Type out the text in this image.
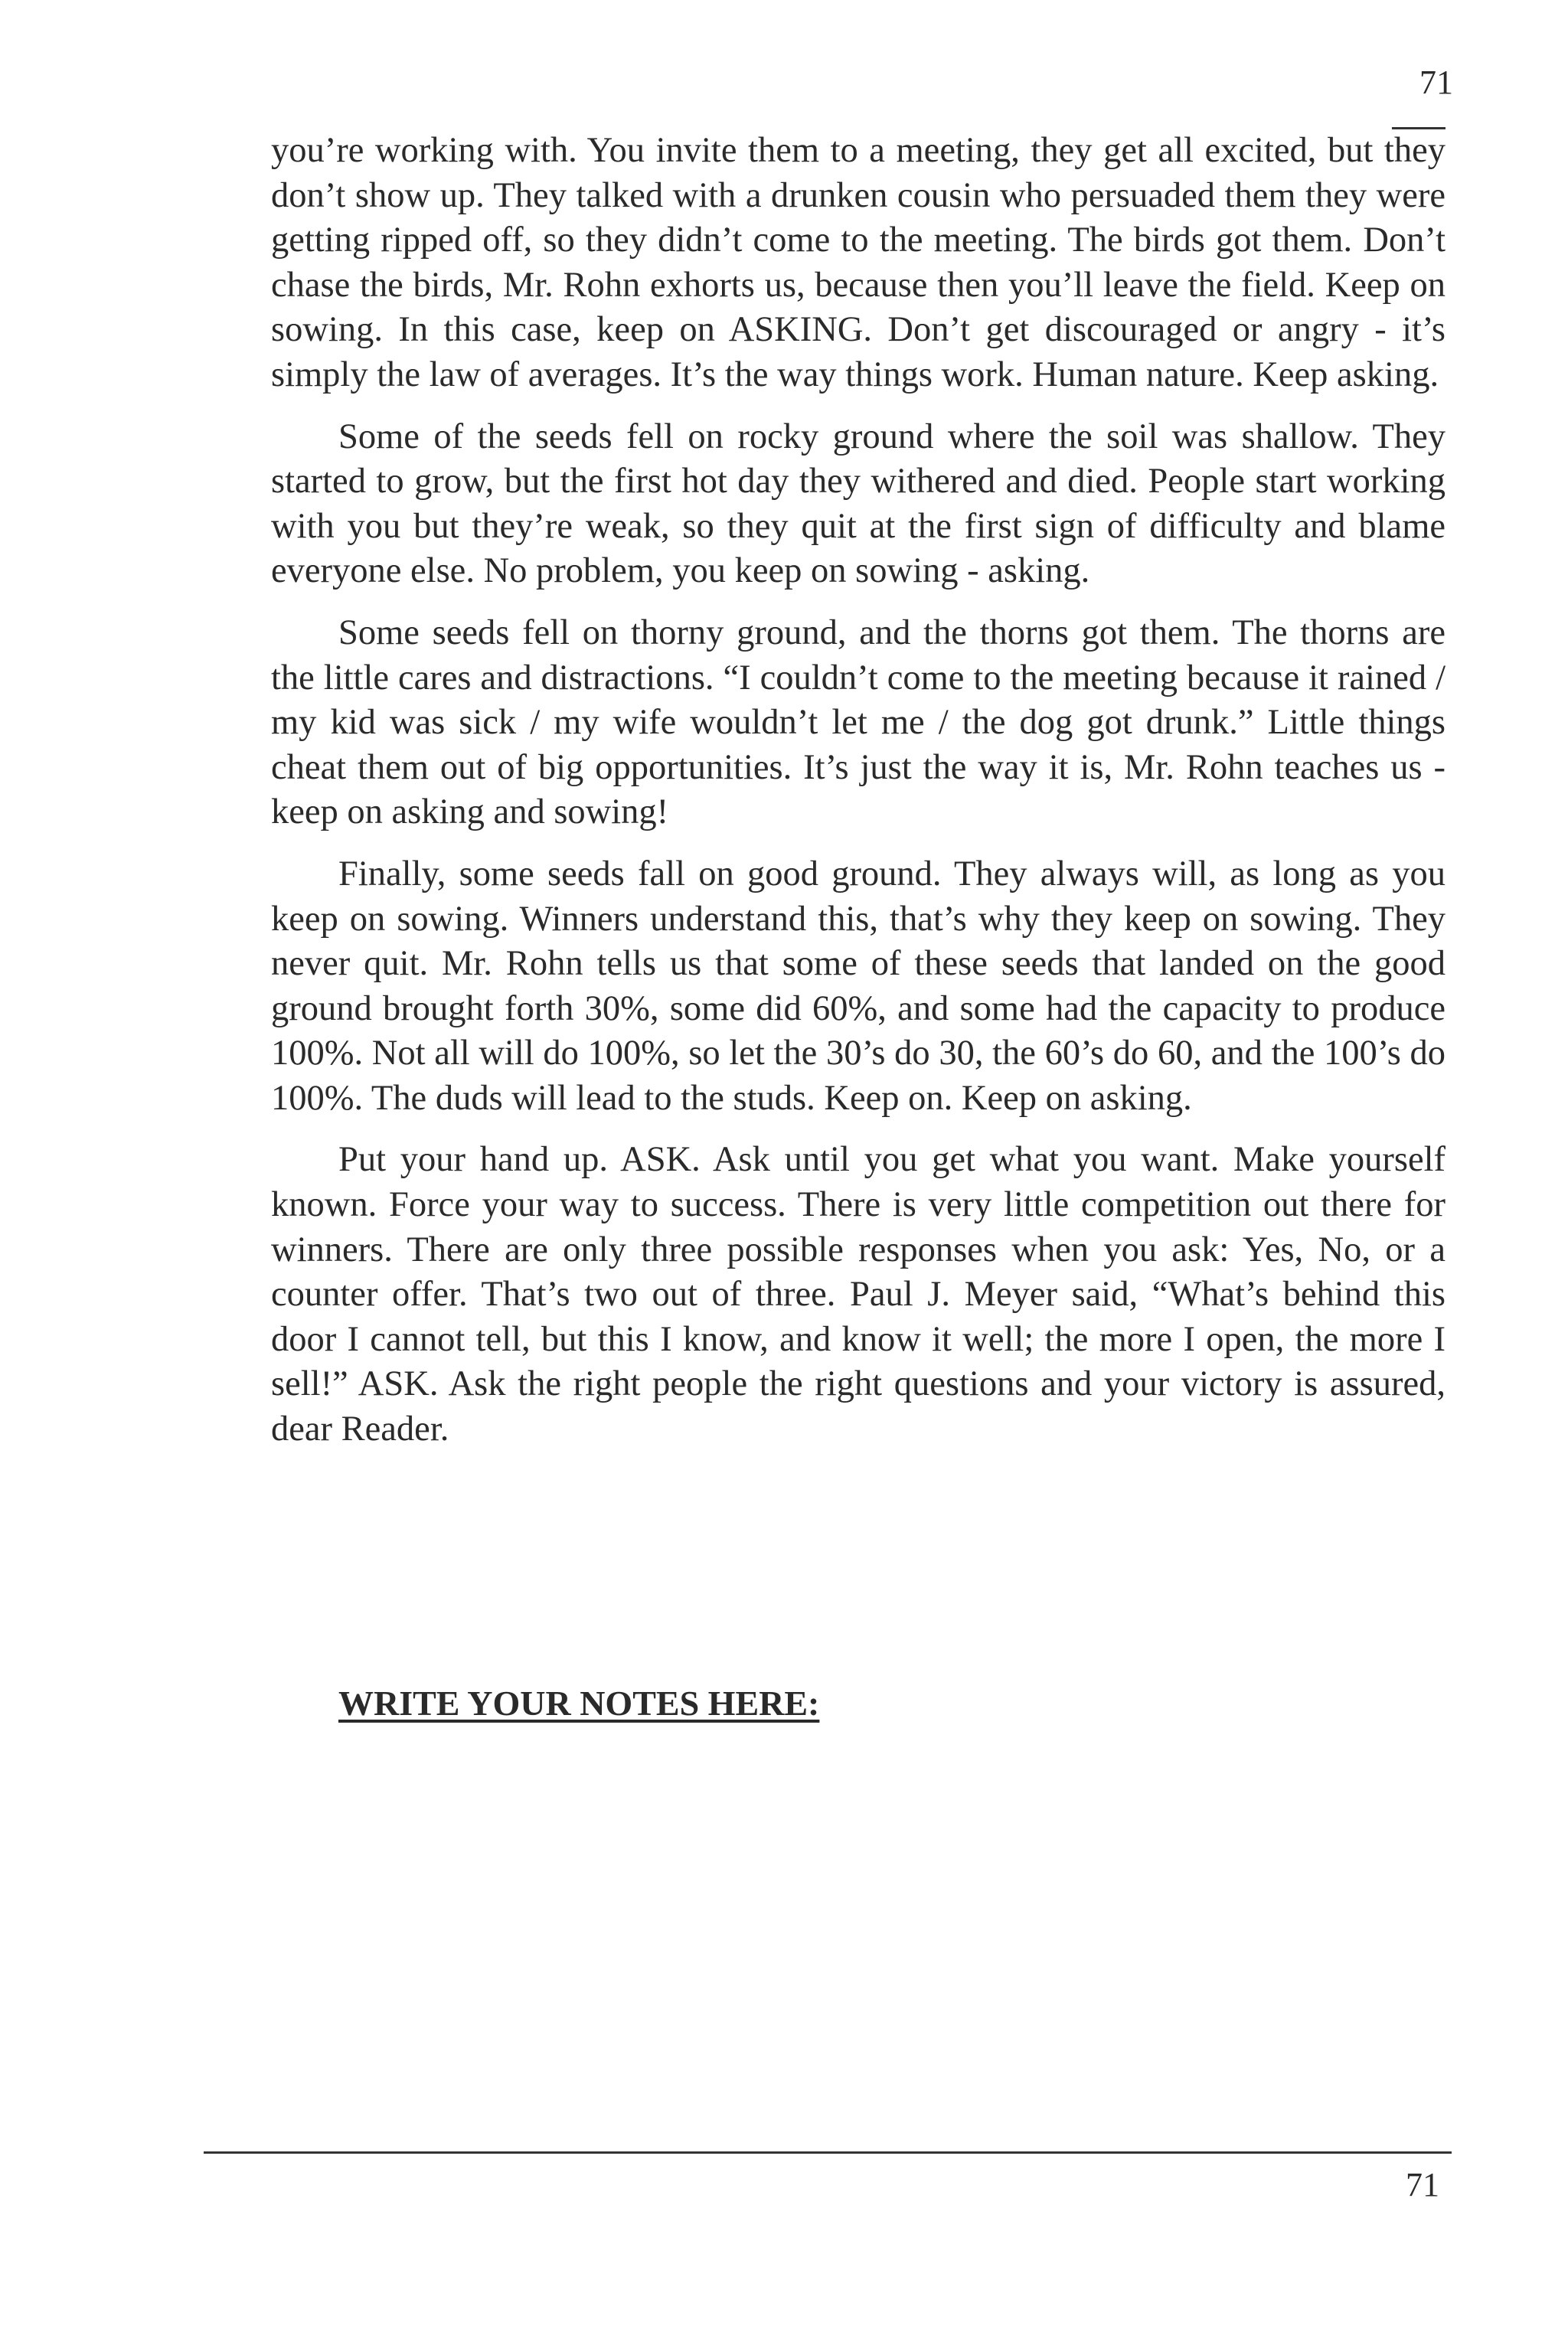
71

you’re working with. You invite them to a meeting, they get all excited, but they don’t show up. They talked with a drunken cousin who persuaded them they were getting ripped off, so they didn’t come to the meeting. The birds got them. Don’t chase the birds, Mr. Rohn exhorts us, because then you’ll leave the field. Keep on sowing. In this case, keep on ASKING. Don’t get discouraged or angry - it’s simply the law of averages. It’s the way things work. Human nature. Keep asking.

Some of the seeds fell on rocky ground where the soil was shallow. They started to grow, but the first hot day they withered and died. People start working with you but they’re weak, so they quit at the first sign of difficulty and blame everyone else. No problem, you keep on sowing - asking.

Some seeds fell on thorny ground, and the thorns got them. The thorns are the little cares and distractions. “I couldn’t come to the meeting because it rained / my kid was sick / my wife wouldn’t let me / the dog got drunk.” Little things cheat them out of big opportunities. It’s just the way it is, Mr. Rohn teaches us - keep on asking and sowing!

Finally, some seeds fall on good ground. They always will, as long as you keep on sowing. Winners understand this, that’s why they keep on sowing. They never quit. Mr. Rohn tells us that some of these seeds that landed on the good ground brought forth 30%, some did 60%, and some had the capacity to produce 100%. Not all will do 100%, so let the 30’s do 30, the 60’s do 60, and the 100’s do 100%. The duds will lead to the studs. Keep on. Keep on asking.

Put your hand up. ASK. Ask until you get what you want. Make yourself known. Force your way to success. There is very little competition out there for winners. There are only three possible responses when you ask: Yes, No, or a counter offer. That’s two out of three. Paul J. Meyer said, “What’s behind this door I cannot tell, but this I know, and know it well; the more I open, the more I sell!” ASK. Ask the right people the right questions and your victory is assured, dear Reader.

WRITE YOUR NOTES HERE:
71
